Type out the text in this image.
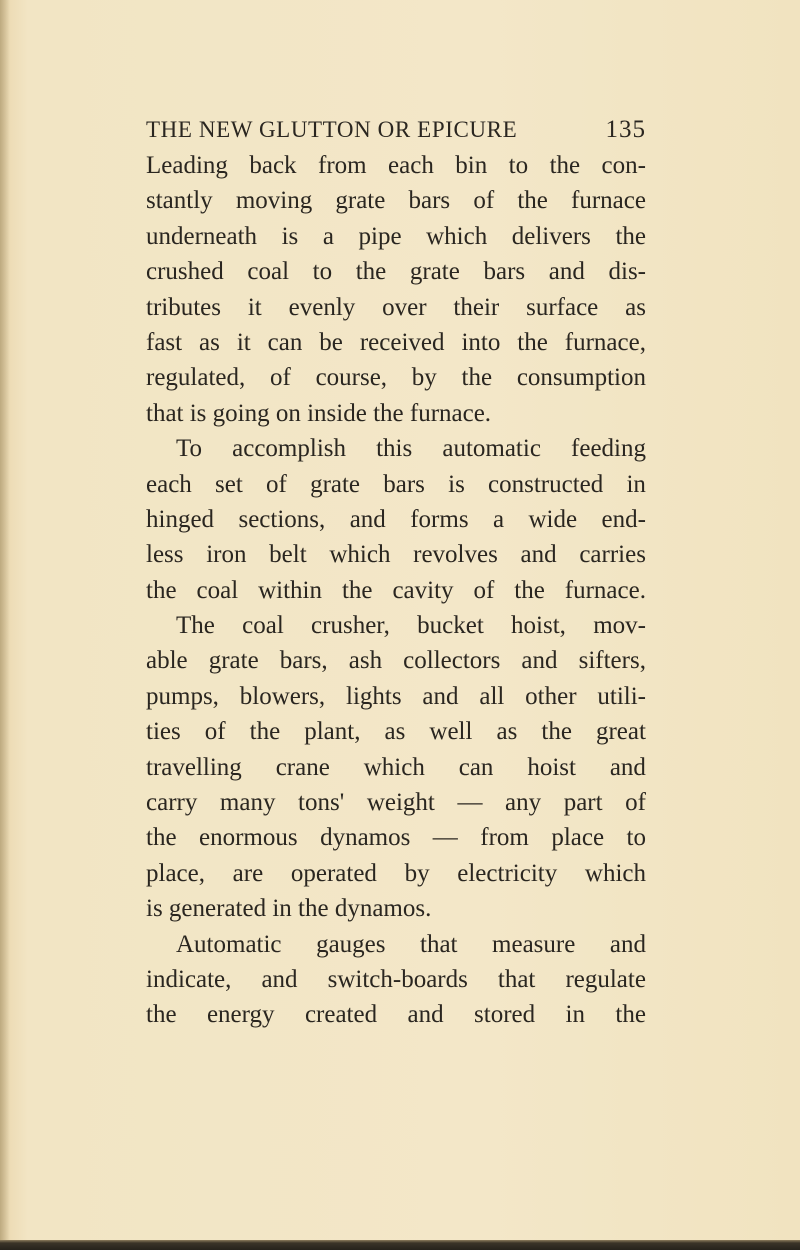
THE NEW GLUTTON OR EPICURE	135
Leading back from each bin to the con-
stantly moving grate bars of the furnace
underneath is a pipe which delivers the
crushed coal to the grate bars and dis-
tributes it evenly over their surface as
fast as it can be received into the furnace,
regulated, of course, by the consumption
that is going on inside the furnace.
To accomplish this automatic feeding
each set of grate bars is constructed in
hinged sections, and forms a wide end-
less iron belt which revolves and carries
the coal within the cavity of the furnace.
The coal crusher, bucket hoist, mov-
able grate bars, ash collectors and sifters,
pumps, blowers, lights and all other utili-
ties of the plant, as well as the great
travelling crane which can hoist and
carry many tons' weight — any part of
the enormous dynamos — from place to
place, are operated by electricity which
is generated in the dynamos.
Automatic gauges that measure and
indicate, and switch-boards that regulate
the energy created and stored in the
